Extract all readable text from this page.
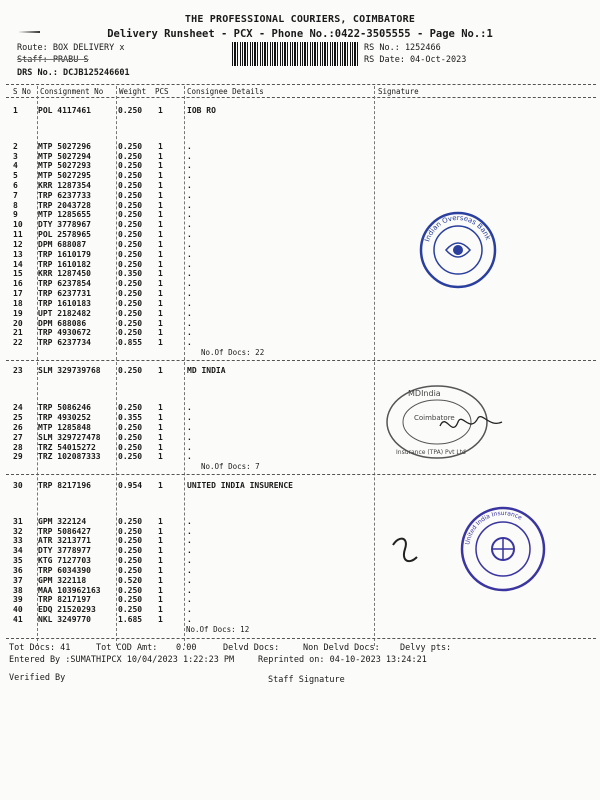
THE PROFESSIONAL COURIERS, COIMBATORE
Delivery Runsheet - PCX - Phone No.:0422-3505555 - Page No.:1
Route: BOX DELIVERY x
Staff: PRABU S
DRS No.: DCJB125246601
RS No.: 1252466
RS Date: 04-Oct-2023
S No Consignment No Weight PCS Consignee Details	Signature
1	POL 4117461	0.250 1	IOB RO
2	MTP 5027296	0.250 1	.
3	MTP 5027294	0.250 1	.
4	MTP 5027293	0.250 1	.
5	MTP 5027295	0.250 1	.
6	KRR 1287354	0.250 1	.
7	TRP 6237733	0.250 1	.
8	TRP 2043728	0.250 1	.
9	MTP 1285655	0.250 1	.
10 DTY 3778967	0.250 1	.
11 POL 2578965	0.250 1	.
12 DPM 688087	0.250 1	.
13 TRP 1610179	0.250 1	.
14 TRP 1610182	0.250 1	.
15 KRR 1287450	0.350 1	.
16 TRP 6237854	0.250 1	.
17 TRP 6237731	0.250 1	.
18 TRP 1610183	0.250 1	.
19 UPT 2182482	0.250 1	.
20 DPM 688086	0.250 1	.
21 TRP 4930672	0.250 1	.
22 TRP 6237734	0.855 1	.
No.Of Docs: 22
23 SLM 329739768 0.250 1	MD INDIA
24 TRP 5086246	0.250 1	.
25 TRP 4930252	0.355 1	.
26 MTP 1285848	0.250 1	.
27 SLM 329727478 0.250 1	.
28 TRZ 54015272	0.250 1	.
29 TRZ 102087333 0.250 1	.
No.Of Docs: 7
30 TRP 8217196	0.954 1	UNITED INDIA INSURENCE
31 GPM 322124	0.250 1	.
32 TRP 5086427	0.250 1	.
33 ATR 3213771	0.250 1	.
34 DTY 3778977	0.250 1	.
35 KTG 7127703	0.250 1	.
36 TRP 6034390	0.250 1	.
37 GPM 322118	0.520 1	.
38 MAA 103962163 0.250 1	.
39 TRP 8217197	0.250 1	.
40 EDQ 21520293	0.250 1	.
41 NKL 3249770	1.685 1	.
No.Of Docs: 12
Tot Docs: 41	Tot COD Amt: 0.00	Delvd Docs:	Non Delvd Docs: Delvy pts:
Entered By :SUMATHIPCX 10/04/2023 1:22:23 PM	Reprinted on: 04-10-2023 13:24:21
Verified By	Staff Signature
Indian Overseas Bank
MDIndia
Coimbatore
Insurance (TPA) Pvt Ltd
United India Insurance
